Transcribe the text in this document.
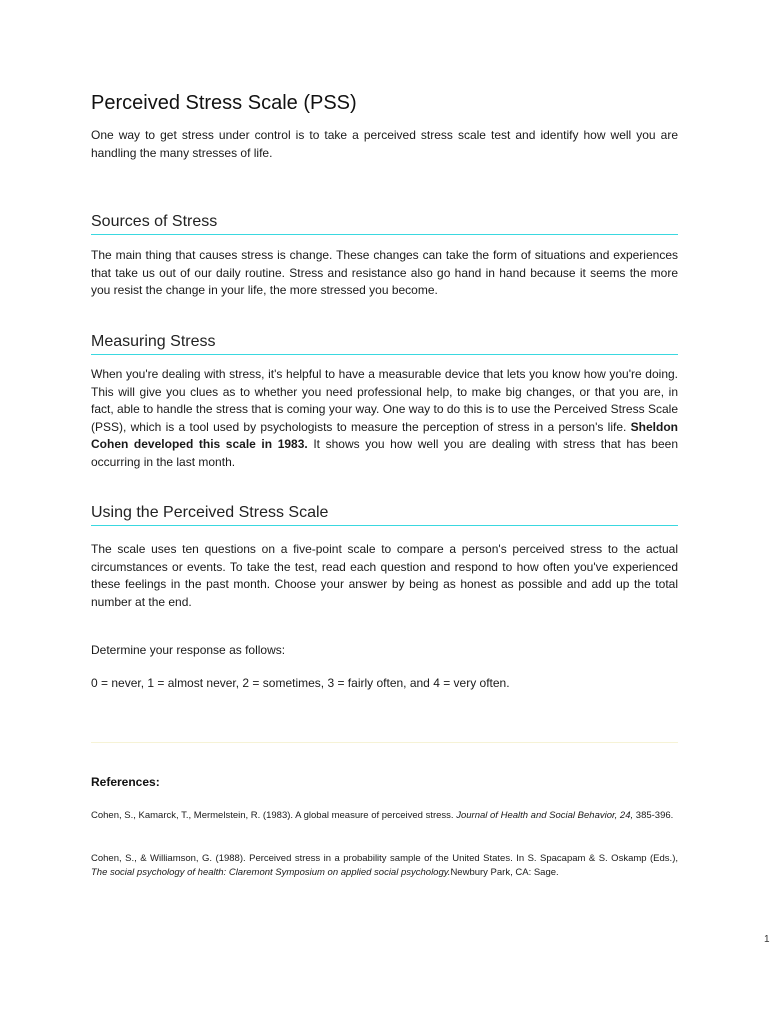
Perceived Stress Scale (PSS)

One way to get stress under control is to take a perceived stress scale test and identify how well you are handling the many stresses of life.

Sources of Stress

The main thing that causes stress is change. These changes can take the form of situations and experiences that take us out of our daily routine. Stress and resistance also go hand in hand because it seems the more you resist the change in your life, the more stressed you become.

Measuring Stress

When you're dealing with stress, it's helpful to have a measurable device that lets you know how you're doing. This will give you clues as to whether you need professional help, to make big changes, or that you are, in fact, able to handle the stress that is coming your way. One way to do this is to use the Perceived Stress Scale (PSS), which is a tool used by psychologists to measure the perception of stress in a person's life. Sheldon Cohen developed this scale in 1983. It shows you how well you are dealing with stress that has been occurring in the last month.

Using the Perceived Stress Scale

The scale uses ten questions on a five-point scale to compare a person's perceived stress to the actual circumstances or events. To take the test, read each question and respond to how often you've experienced these feelings in the past month. Choose your answer by being as honest as possible and add up the total number at the end.

Determine your response as follows:

0 = never, 1 = almost never, 2 = sometimes, 3 = fairly often, and 4 = very often.

References:

Cohen, S., Kamarck, T., Mermelstein, R. (1983). A global measure of perceived stress. Journal of Health and Social Behavior, 24, 385-396.

Cohen, S., & Williamson, G. (1988). Perceived stress in a probability sample of the United States. In S. Spacapam & S. Oskamp (Eds.), The social psychology of health: Claremont Symposium on applied social psychology.Newbury Park, CA: Sage.

1
